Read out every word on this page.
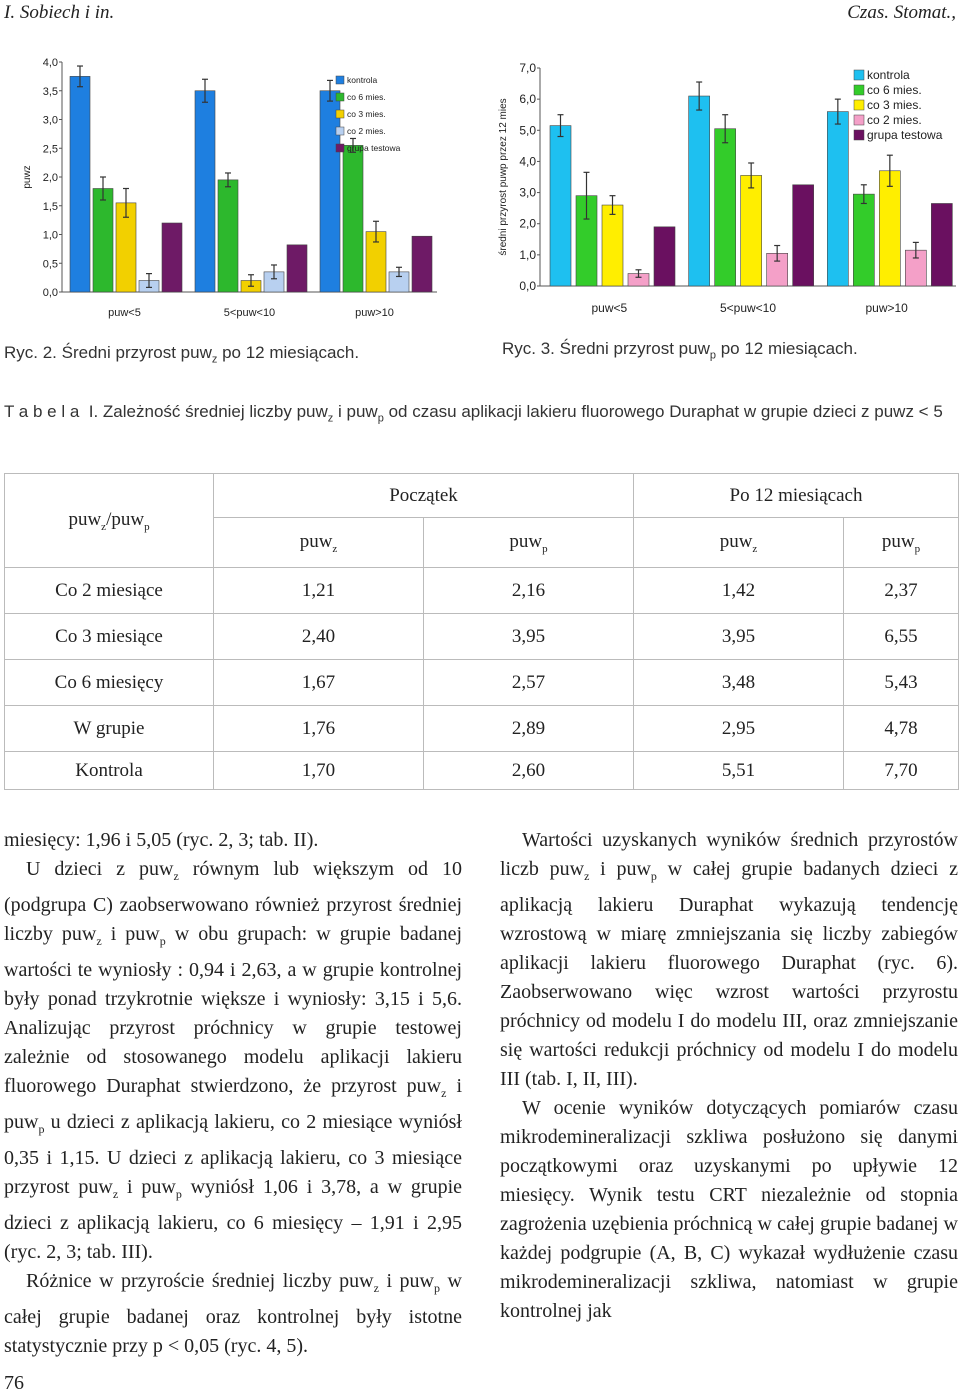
I. Sobiech i in.	Czas. Stomat.,
0,0
0,5
1,0
1,5
2,0
2,5
3,0
3,5
4,0
puwz
puw<5	5<puw<10	puw>10
kontrola
co 6 mies.
co 3 mies.
co 2 mies.
grupa testowa
0,0
1,0
2,0
3,0
4,0
5,0
6,0
7,0
średni przyrost puwp przez 12 mies
puw<5	5<puw<10	puw>10
kontrola
co 6 mies.
co 3 mies.
co 2 mies.
grupa testowa
Ryc. 2. Średni przyrost puw$_z$ po 12 miesiącach.	Ryc. 3. Średni przyrost puw$_p$ po 12 miesiącach.
T a b e l a  I. Zależność średniej liczby puw$_z$ i puw$_p$ od czasu aplikacji lakieru fluorowego Duraphat w grupie dzieci z puwz < 5
puw$_z$/puw$_p$	Początek		Po 12 miesiącach	
	puw$_z$	puw$_p$	puw$_z$	puw$_p$
Co 2 miesiące	1,21	2,16	1,42	2,37
Co 3 miesiące	2,40	3,95	3,95	6,55
Co 6 miesięcy	1,67	2,57	3,48	5,43
W grupie	1,76	2,89	2,95	4,78
Kontrola	1,70	2,60	5,51	7,70

miesięcy: 1,96 i 5,05 (ryc. 2, 3; tab. II).

U dzieci z puw$_z$ równym lub większym od 10 (podgrupa C) zaobserwowano również przyrost średniej liczby puw$_z$ i puw$_p$ w obu grupach: w grupie badanej wartości te wyniosły : 0,94 i 2,63, a w grupie kontrolnej były ponad trzykrotnie większe i wyniosły: 3,15 i 5,6. Analizując przyrost próchnicy w grupie testowej zależnie od stosowanego modelu aplikacji lakieru fluorowego Duraphat stwierdzono, że przyrost puw$_z$ i puw$_p$ u dzieci z aplikacją lakieru, co 2 miesiące wyniósł 0,35 i 1,15. U dzieci z aplikacją lakieru, co 3 miesiące przyrost puw$_z$ i puw$_p$ wyniósł 1,06 i 3,78, a w grupie dzieci z aplikacją lakieru, co 6 miesięcy – 1,91 i 2,95 (ryc. 2, 3; tab. III).

Różnice w przyroście średniej liczby puw$_z$ i puw$_p$ w całej grupie badanej oraz kontrolnej były istotne statystycznie przy p < 0,05 (ryc. 4, 5).

Wartości uzyskanych wyników średnich przyrostów liczb puw$_z$ i puw$_p$ w całej grupie badanych dzieci z aplikacją lakieru Duraphat wykazują tendencję wzrostową w miarę zmniejszania się liczby zabiegów aplikacji lakieru fluorowego Duraphat (ryc. 6). Zaobserwowano więc wzrost wartości przyrostu próchnicy od modelu I do modelu III, oraz zmniejszanie się wartości redukcji próchnicy od modelu I do modelu III (tab. I, II, III).

W ocenie wyników dotyczących pomiarów czasu mikrodemineralizacji szkliwa posłużono się danymi początkowymi oraz uzyskanymi po upływie 12 miesięcy. Wynik testu CRT niezależnie od stopnia zagrożenia uzębienia próchnicą w całej grupie badanej w każdej podgrupie (A, B, C) wykazał wydłużenie czasu mikrodemineralizacji szkliwa, natomiast w grupie kontrolnej jak

76
